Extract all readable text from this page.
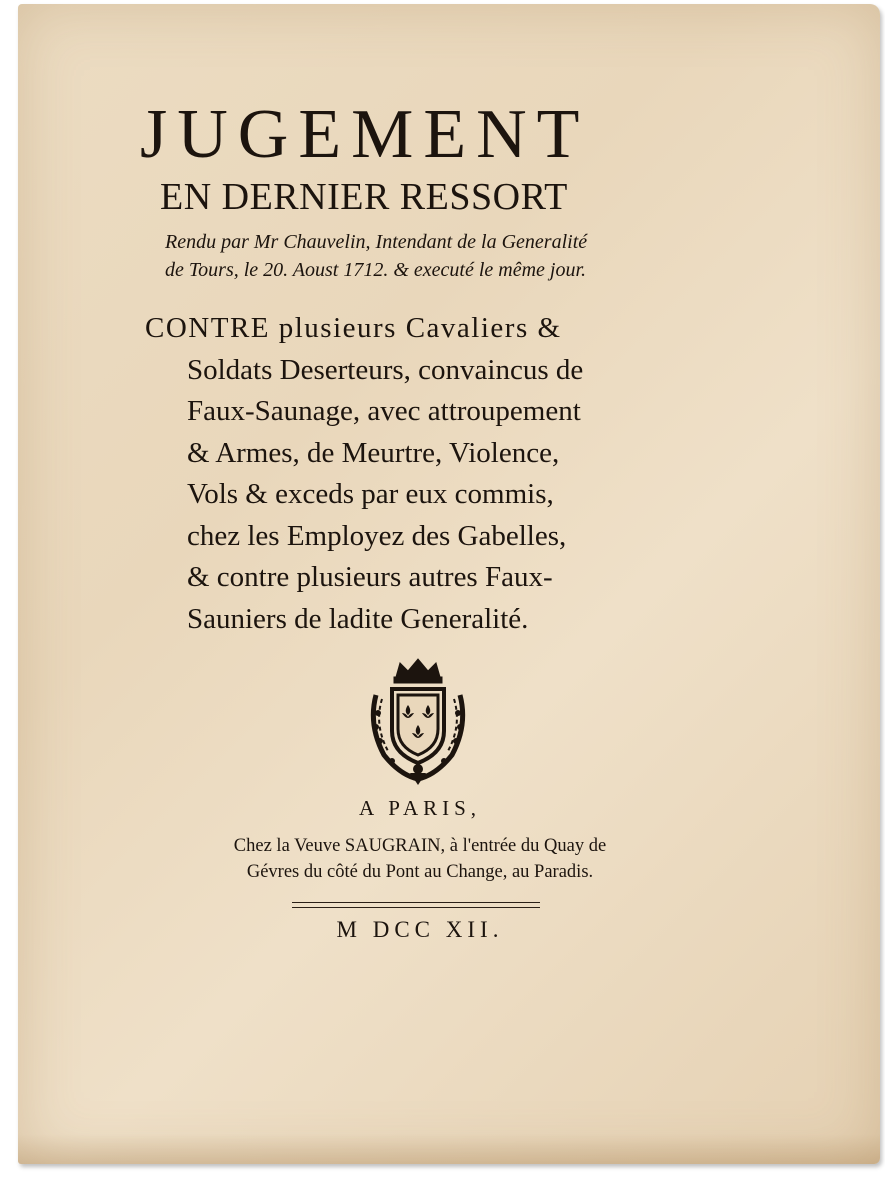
JUGEMENT
EN DERNIER RESSORT

Rendu par Mr Chauvelin, Intendant de la Generalité

de Tours, le 20. Aoust 1712. & executé le même jour.

CONTRE plusieurs Cavaliers &

Soldats Deserteurs, convaincus de

Faux-Saunage, avec attroupement

& Armes, de Meurtre, Violence,

Vols & exceds par eux commis,

chez les Employez des Gabelles,

& contre plusieurs autres Faux-

Sauniers de ladite Generalité.

A PARIS,

Chez la Veuve SAUGRAIN, à l'entrée du Quay de

Gévres du côté du Pont au Change, au Paradis.

M DCC XII.
